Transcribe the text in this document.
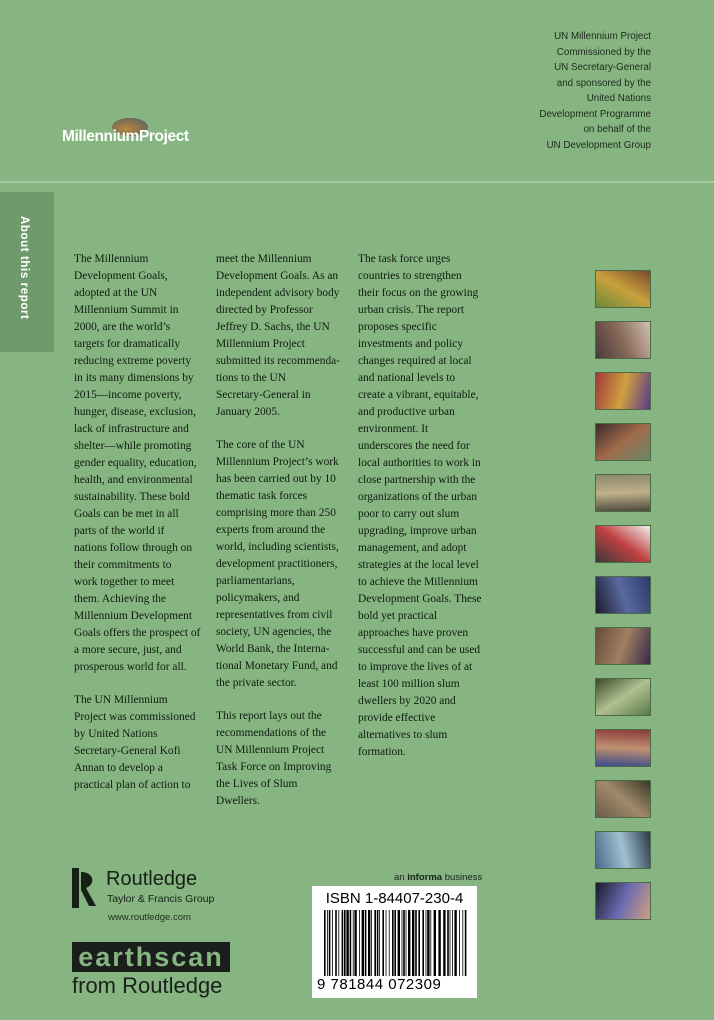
MillenniumProject
UN Millennium Project
Commissioned by the
UN Secretary-General
and sponsored by the
United Nations
Development Programme
on behalf of the
UN Development Group
About this report	The Millennium
Development Goals,
adopted at the UN
Millennium Summit in
2000, are the world’s
targets for dramatically
reducing extreme poverty
in its many dimensions by
2015—income poverty,
hunger, disease, exclusion,
lack of infrastructure and
shelter—while promoting
gender equality, education,
health, and environmental
sustainability. These bold
Goals can be met in all
parts of the world if
nations follow through on
their commitments to
work together to meet
them. Achieving the
Millennium Development
Goals offers the prospect of
a more secure, just, and
prosperous world for all.

The UN Millennium
Project was commissioned
by United Nations
Secretary-General Kofi
Annan to develop a
practical plan of action to

meet the Millennium
Development Goals. As an
independent advisory body
directed by Professor
Jeffrey D. Sachs, the UN
Millennium Project
submitted its recommenda-
tions to the UN
Secretary-General in
January 2005.

The core of the UN
Millennium Project’s work
has been carried out by 10
thematic task forces
comprising more than 250
experts from around the
world, including scientists,
development practitioners,
parliamentarians,
policymakers, and
representatives from civil
society, UN agencies, the
World Bank, the Interna-
tional Monetary Fund, and
the private sector.

This report lays out the
recommendations of the
UN Millennium Project
Task Force on Improving
the Lives of Slum Dwellers.

The task force urges
countries to strengthen
their focus on the growing
urban crisis. The report
proposes specific
investments and policy
changes required at local
and national levels to
create a vibrant, equitable,
and productive urban
environment. It
underscores the need for
local authorities to work in
close partnership with the
organizations of the urban
poor to carry out slum
upgrading, improve urban
management, and adopt
strategies at the local level
to achieve the Millennium
Development Goals. These
bold yet practical
approaches have proven
successful and can be used
to improve the lives of at
least 100 million slum
dwellers by 2020 and
provide effective
alternatives to slum
formation.

Routledge
Taylor & Francis Group
www.routledge.com
earthscan
from Routledge
an informa business
ISBN 1-84407-230-4
9 781844 072309
